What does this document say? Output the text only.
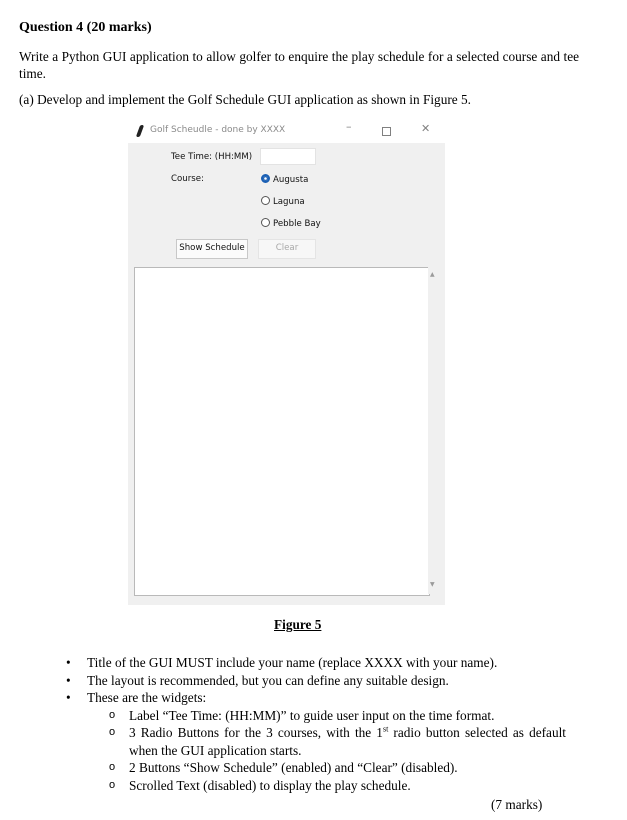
Question 4 (20 marks)
Write a Python GUI application to allow golfer to enquire the play schedule for a selected course and tee time.
(a) Develop and implement the Golf Schedule GUI application as shown in Figure 5.
Golf Scheudle - done by XXXX	–	✕
Tee Time: (HH:MM)
Course:	Augusta
Laguna
Pebble Bay
Show Schedule	Clear
▲
▼
Figure 5
• Title of the GUI MUST include your name (replace XXXX with your name).
• The layout is recommended, but you can define any suitable design.
• These are the widgets:
o Label “Tee Time: (HH:MM)” to guide user input on the time format.
o 3 Radio Buttons for the 3 courses, with the 1st radio button selected as default when the GUI application starts.
o 2 Buttons “Show Schedule” (enabled) and “Clear” (disabled).
o Scrolled Text (disabled) to display the play schedule.
(7 marks)
